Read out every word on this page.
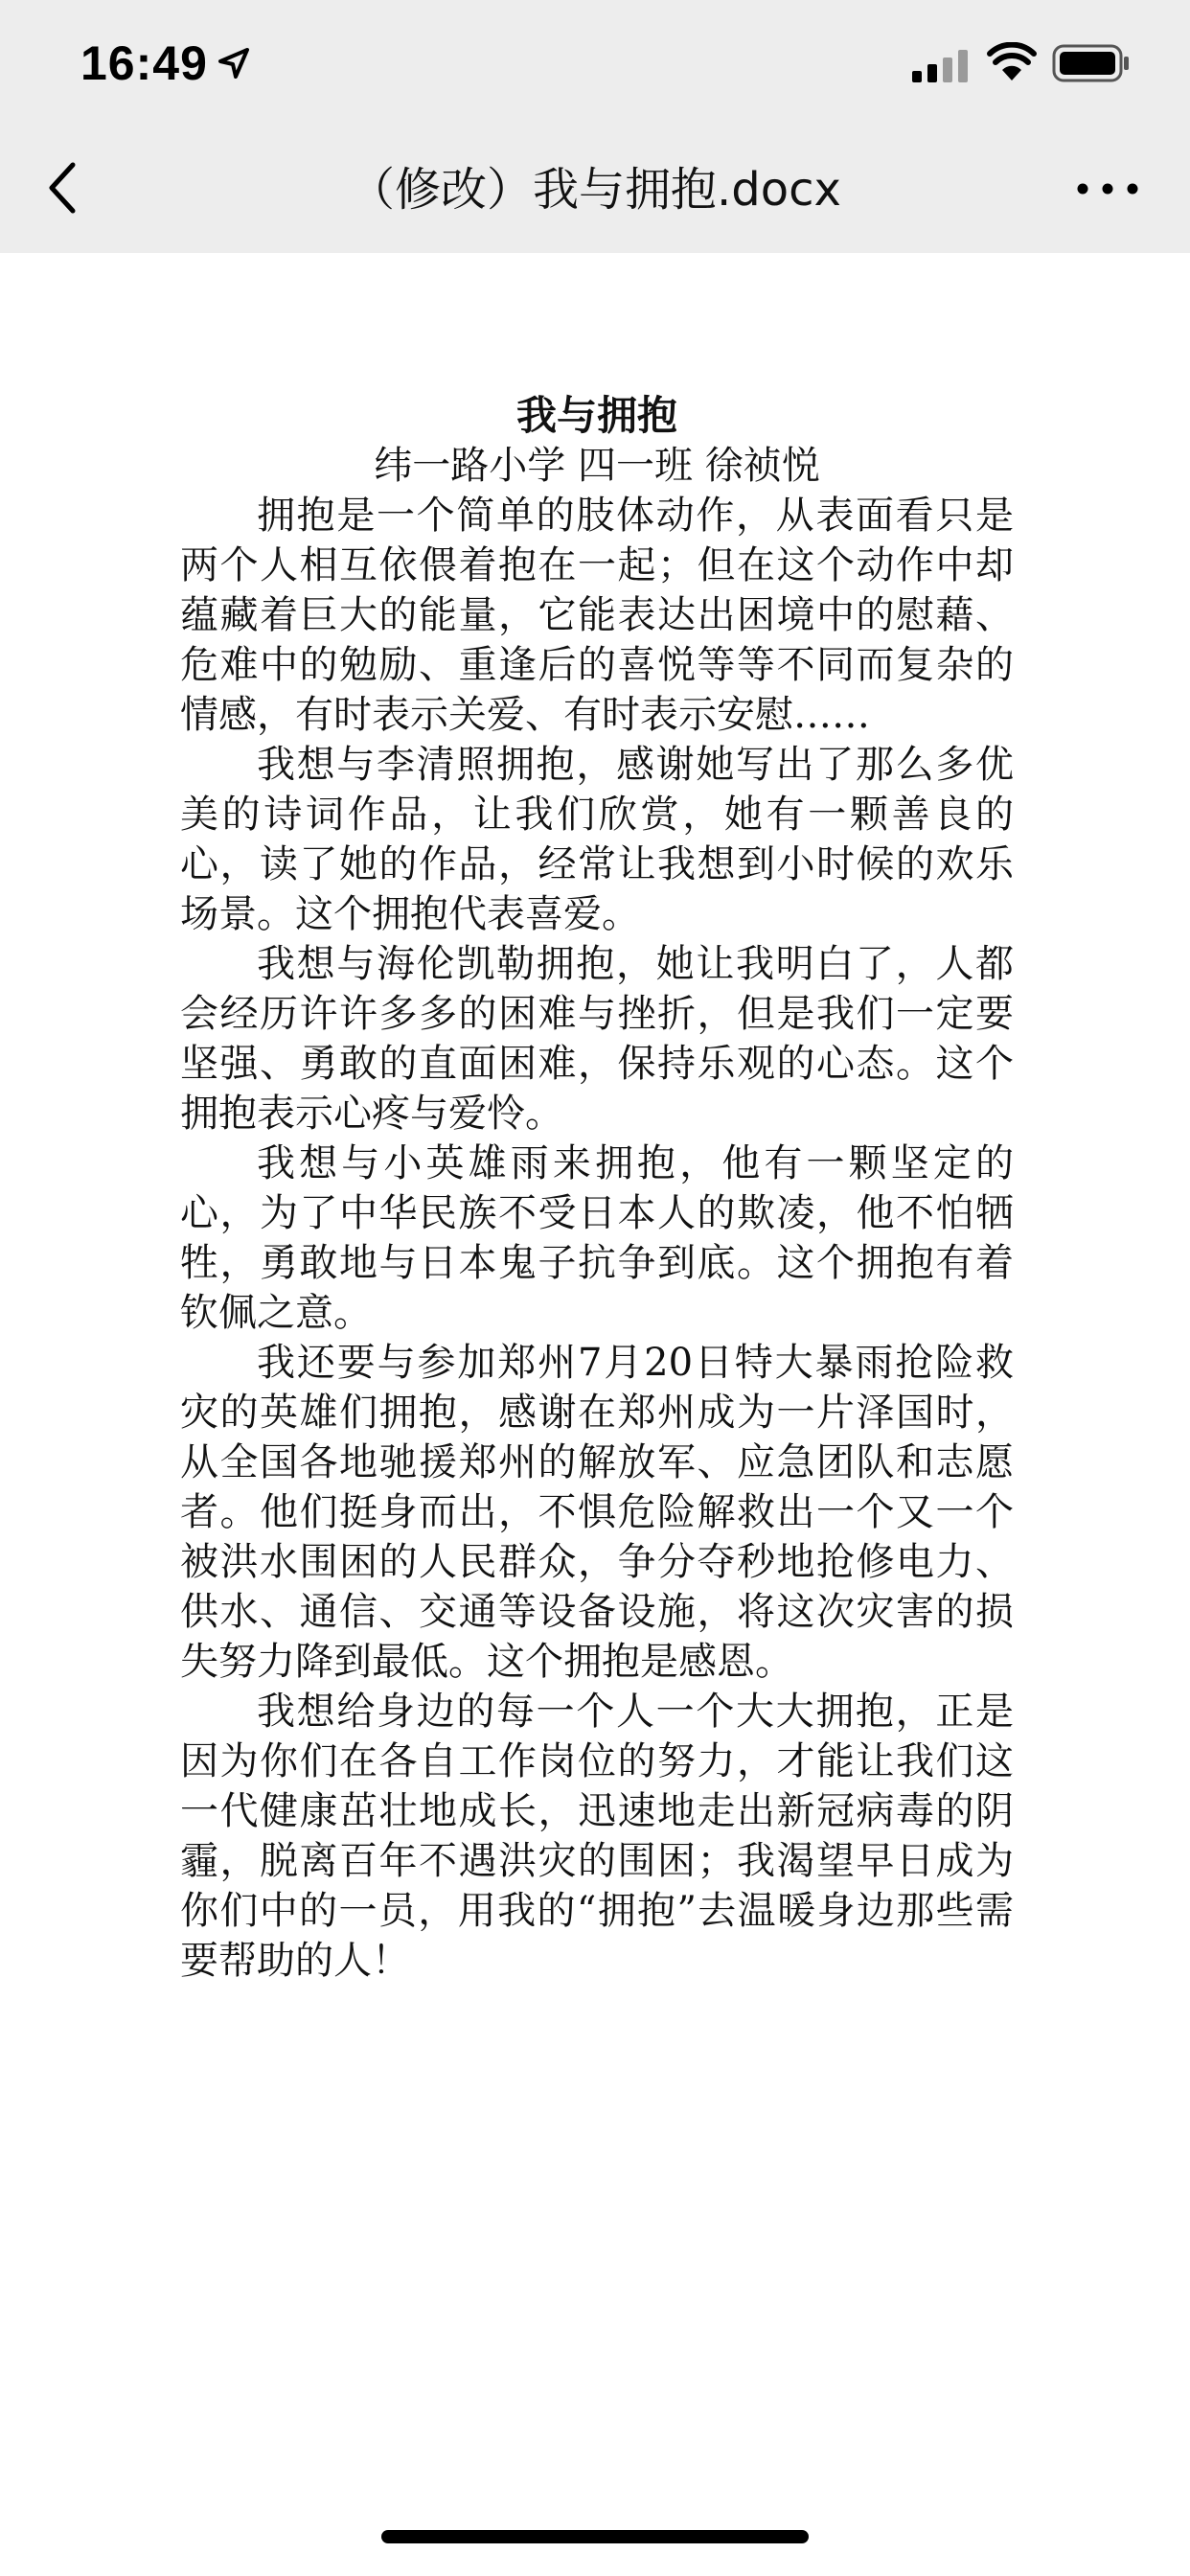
16:49
（修改）我与拥抱.docx
我与拥抱
纬一路小学 四一班 徐祯悦

拥抱是一个简单的肢体动作，从表面看只是两个人相互依偎着抱在一起；但在这个动作中却蕴藏着巨大的能量，它能表达出困境中的慰藉、危难中的勉励、重逢后的喜悦等等不同而复杂的情感，有时表示关爱、有时表示安慰……

我想与李清照拥抱，感谢她写出了那么多优美的诗词作品，让我们欣赏，她有一颗善良的心，读了她的作品，经常让我想到小时候的欢乐场景。这个拥抱代表喜爱。

我想与海伦凯勒拥抱，她让我明白了，人都会经历许许多多的困难与挫折，但是我们一定要坚强、勇敢的直面困难，保持乐观的心态。这个拥抱表示心疼与爱怜。

我想与小英雄雨来拥抱，他有一颗坚定的心，为了中华民族不受日本人的欺凌，他不怕牺牲，勇敢地与日本鬼子抗争到底。这个拥抱有着钦佩之意。

我还要与参加郑州7月20日特大暴雨抢险救灾的英雄们拥抱，感谢在郑州成为一片泽国时，从全国各地驰援郑州的解放军、应急团队和志愿者。他们挺身而出，不惧危险解救出一个又一个被洪水围困的人民群众，争分夺秒地抢修电力、供水、通信、交通等设备设施，将这次灾害的损失努力降到最低。这个拥抱是感恩。

我想给身边的每一个人一个大大拥抱，正是因为你们在各自工作岗位的努力，才能让我们这一代健康茁壮地成长，迅速地走出新冠病毒的阴霾，脱离百年不遇洪灾的围困；我渴望早日成为你们中的一员，用我的“拥抱”去温暖身边那些需要帮助的人！
